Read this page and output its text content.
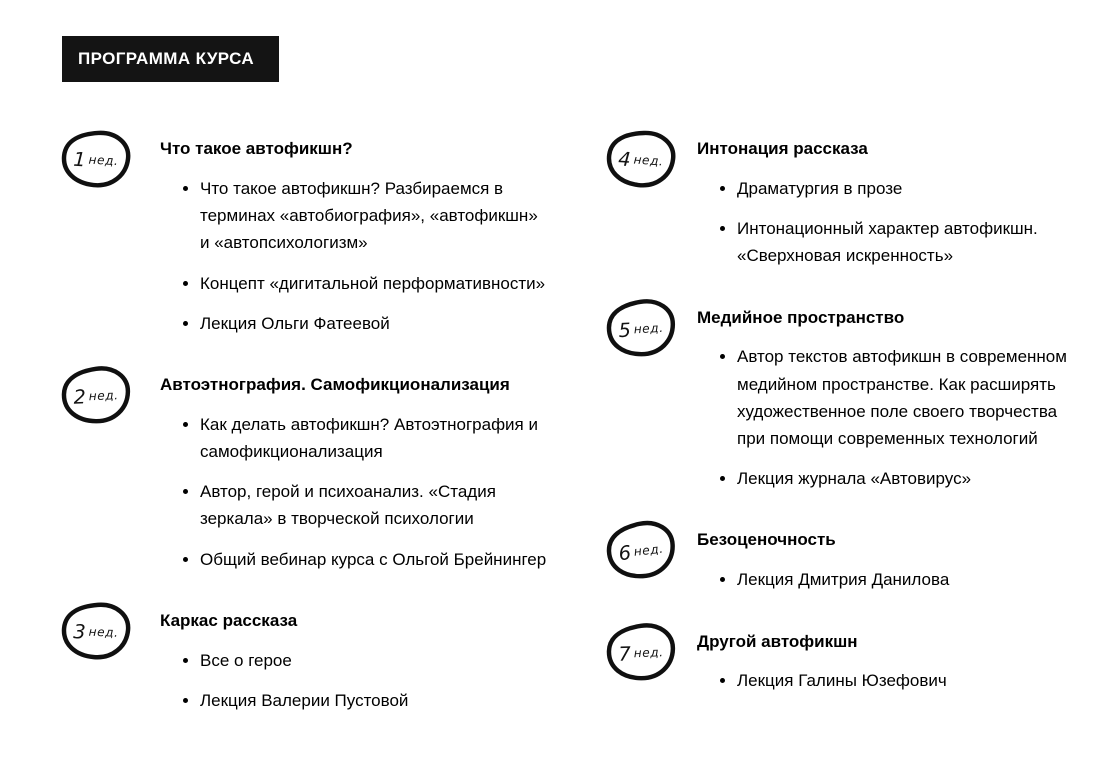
ПРОГРАММА КУРСА
1 нед.
Что такое автофикшн?
• Что такое автофикшн? Разбираемся в терминах «автобиография», «автофикшн» и «автопсихологизм»
• Концепт «дигитальной перформативности»
• Лекция Ольги Фатеевой
2 нед.
Автоэтнография. Самофикционализация
• Как делать автофикшн? Автоэтнография и самофикционализация
• Автор, герой и психоанализ. «Стадия зеркала» в творческой психологии
• Общий вебинар курса с Ольгой Брейнингер
3 нед.
Каркас рассказа
• Все о герое
• Лекция Валерии Пустовой
4 нед.
Интонация рассказа
• Драматургия в прозе
• Интонационный характер автофикшн. «Сверхновая искренность»
5 нед.
Медийное пространство
• Автор текстов автофикшн в современном медийном пространстве. Как расширять художественное поле своего творчества при помощи современных технологий
• Лекция журнала «Автовирус»
6нед.
Безоценочность
• Лекция Дмитрия Данилова
7 нед.
Другой автофикшн
• Лекция Галины Юзефович
